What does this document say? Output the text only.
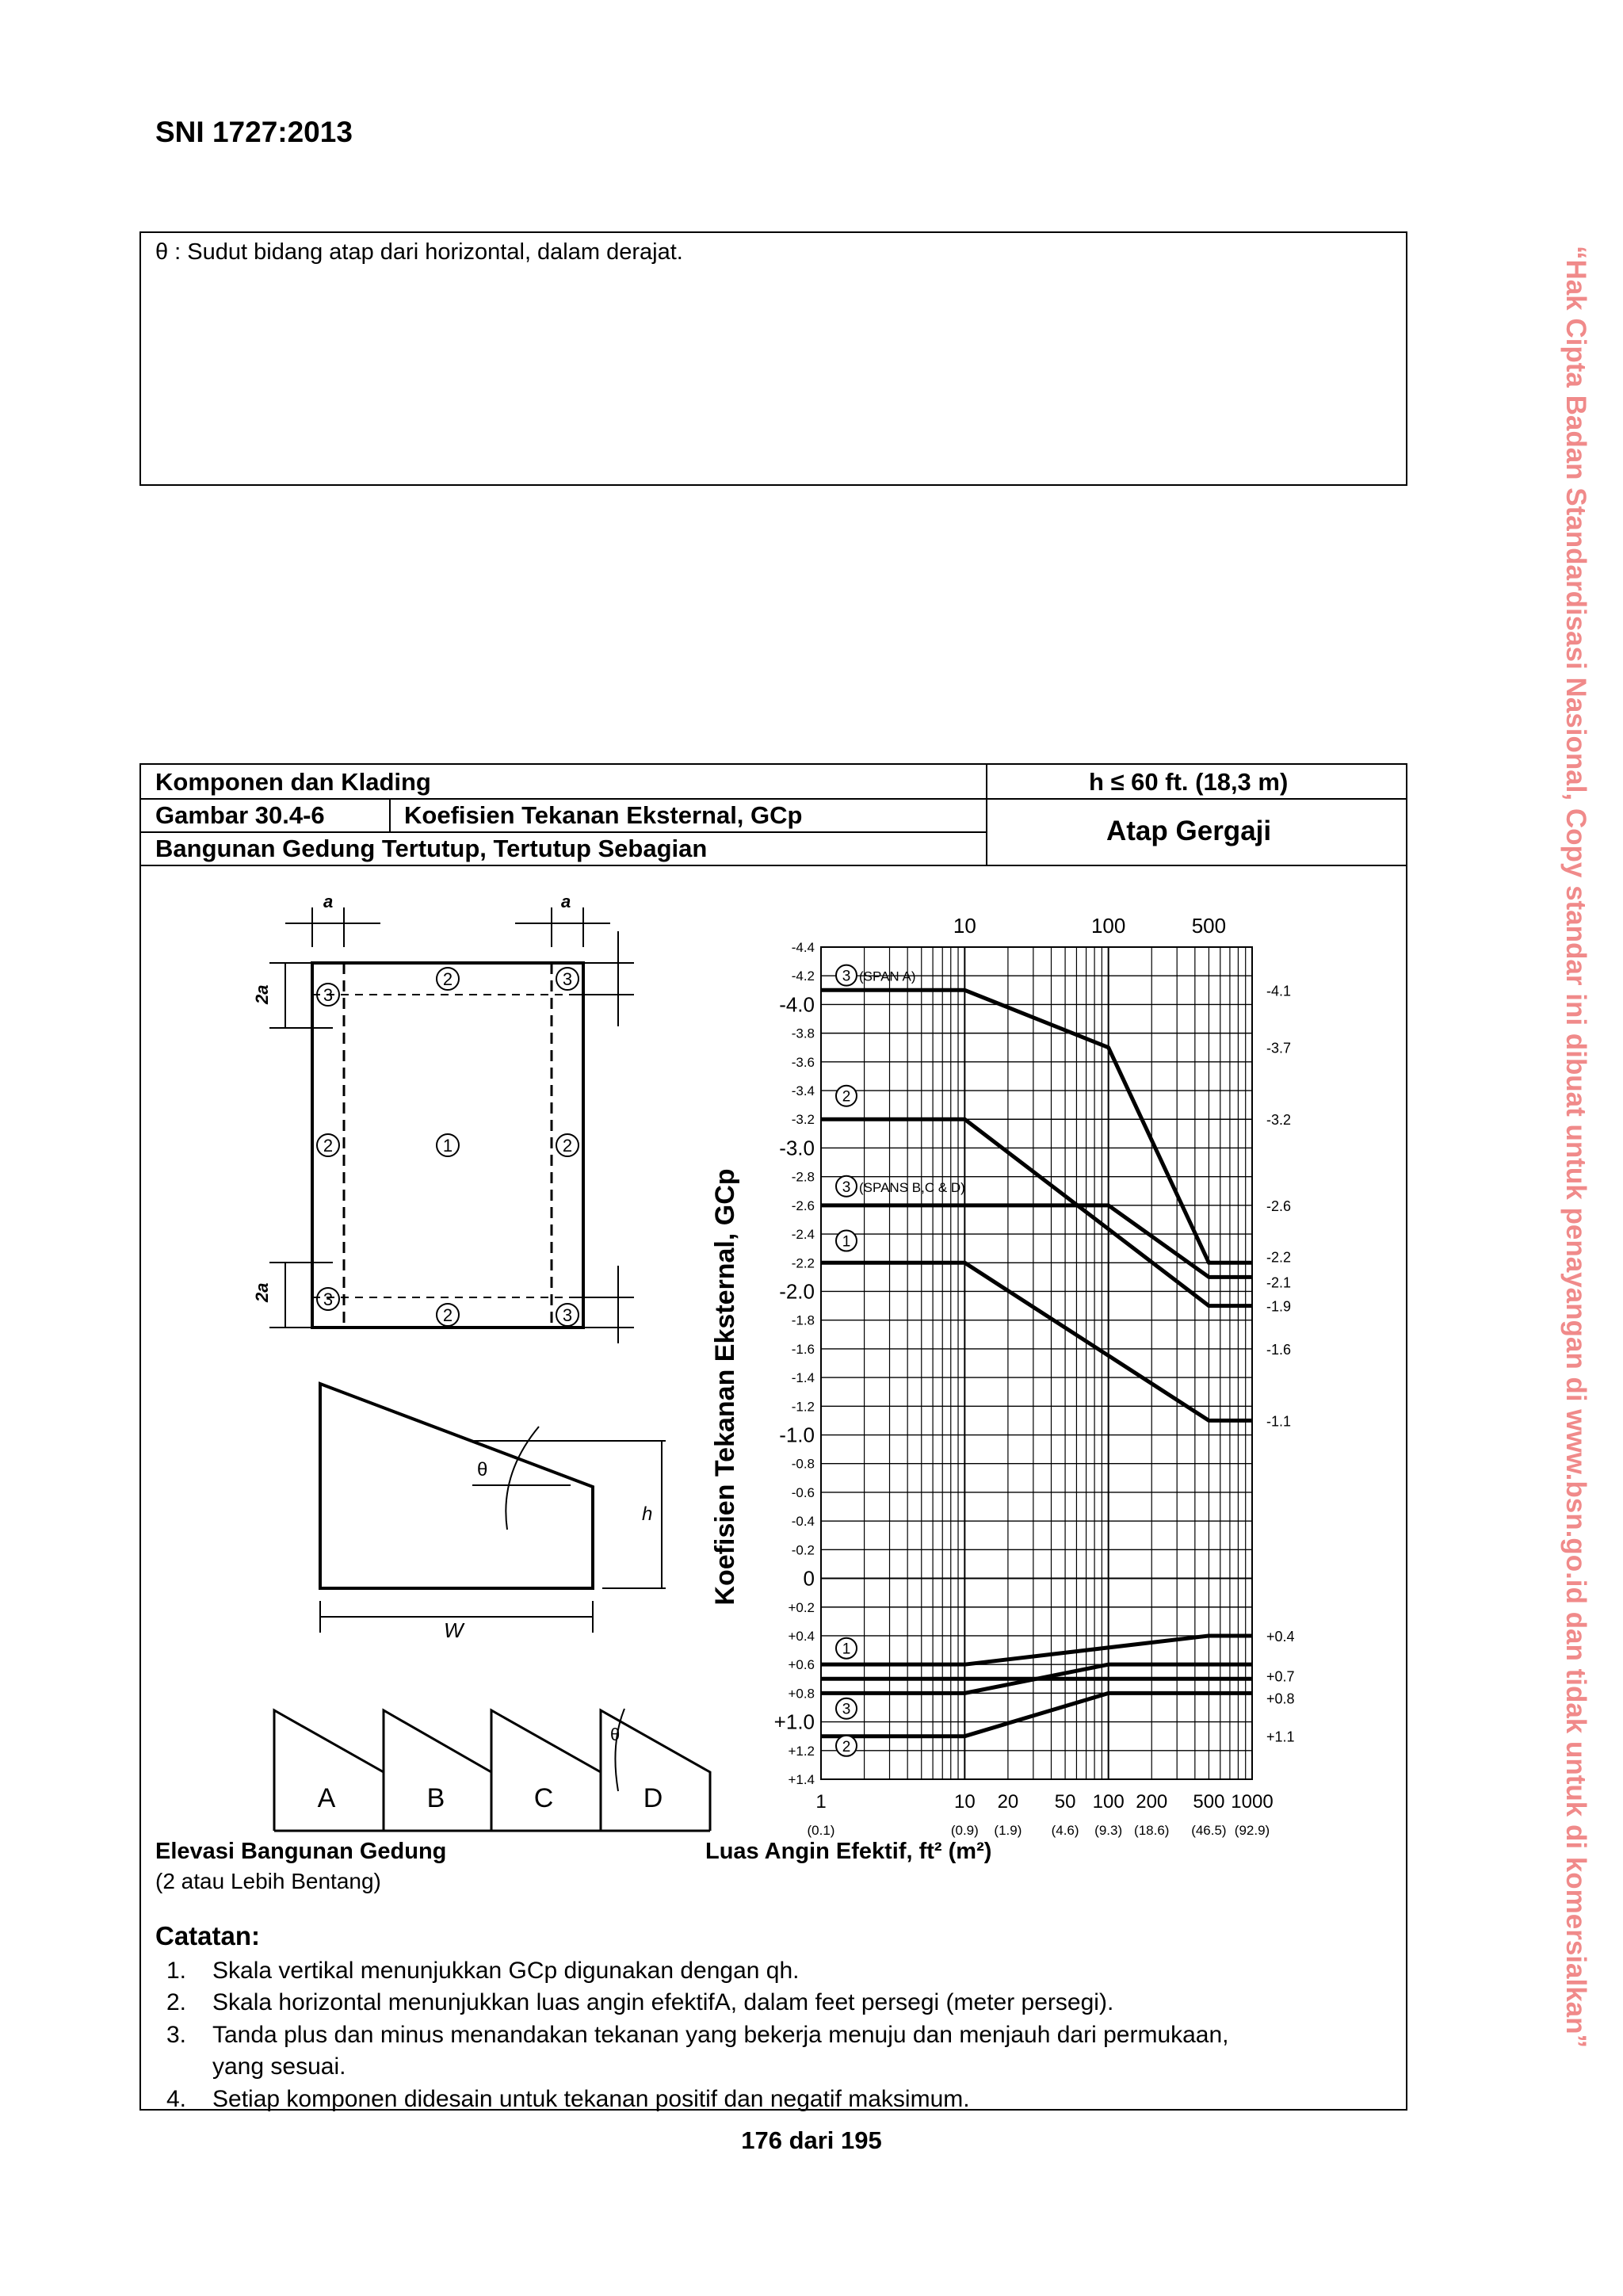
SNI 1727:2013
θ : Sudut bidang atap dari horizontal, dalam derajat.	“Hak Cipta Badan Standardisasi Nasional, Copy standar ini dibuat untuk penayangan di www.bsn.go.id dan tidak untuk di komersialkan”
Komponen dan Klading	h ≤ 60 ft. (18,3 m)
Gambar 30.4-6	Koefisien Tekanan Eksternal, GCp
Bangunan Gedung Tertutup, Tertutup Sebagian
Atap Gergaji
a	a
2a
2a
2
3
3
2	1	2
3
2	3
θ
h
W
A	B	C	D
θ
Elevasi Bangunan Gedung
(2 atau Lebih Bentang)
Luas Angin Efektif, ft² (m²)
3 (SPAN A)
2
3 (SPANS B,C & D)
1
1
3
2
-4.4
-4.2
-4.0
-3.8
-3.6
-3.4
-3.2
-3.0
-2.8
-2.6
-2.4
-2.2
-2.0
-1.8
-1.6
-1.4
-1.2
-1.0
-0.8
-0.6
-0.4
-0.2
0
+0.2
+0.4
+0.6
+0.8
+1.0
+1.2
+1.4
1	10 20 50 100 200 500 1000
(0.1)	(0.9) (1.9) (4.6) (9.3) (18.6) (46.5) (92.9)
10	100	500
-4.1
-3.7
-3.2
-2.6
-2.2
-2.1
-1.9
-1.6
-1.1
+0.4
+0.7
+0.8
+1.1
Koefisien Tekanan Eksternal, GCp
Catatan:
1. Skala vertikal menunjukkan GCp digunakan dengan qh.
2. Skala horizontal menunjukkan luas angin efektifA, dalam feet persegi (meter persegi).
3. Tanda plus dan minus menandakan tekanan yang bekerja menuju dan menjauh dari permukaan,
yang sesuai.
4. Setiap komponen didesain untuk tekanan positif dan negatif maksimum.
176 dari 195
